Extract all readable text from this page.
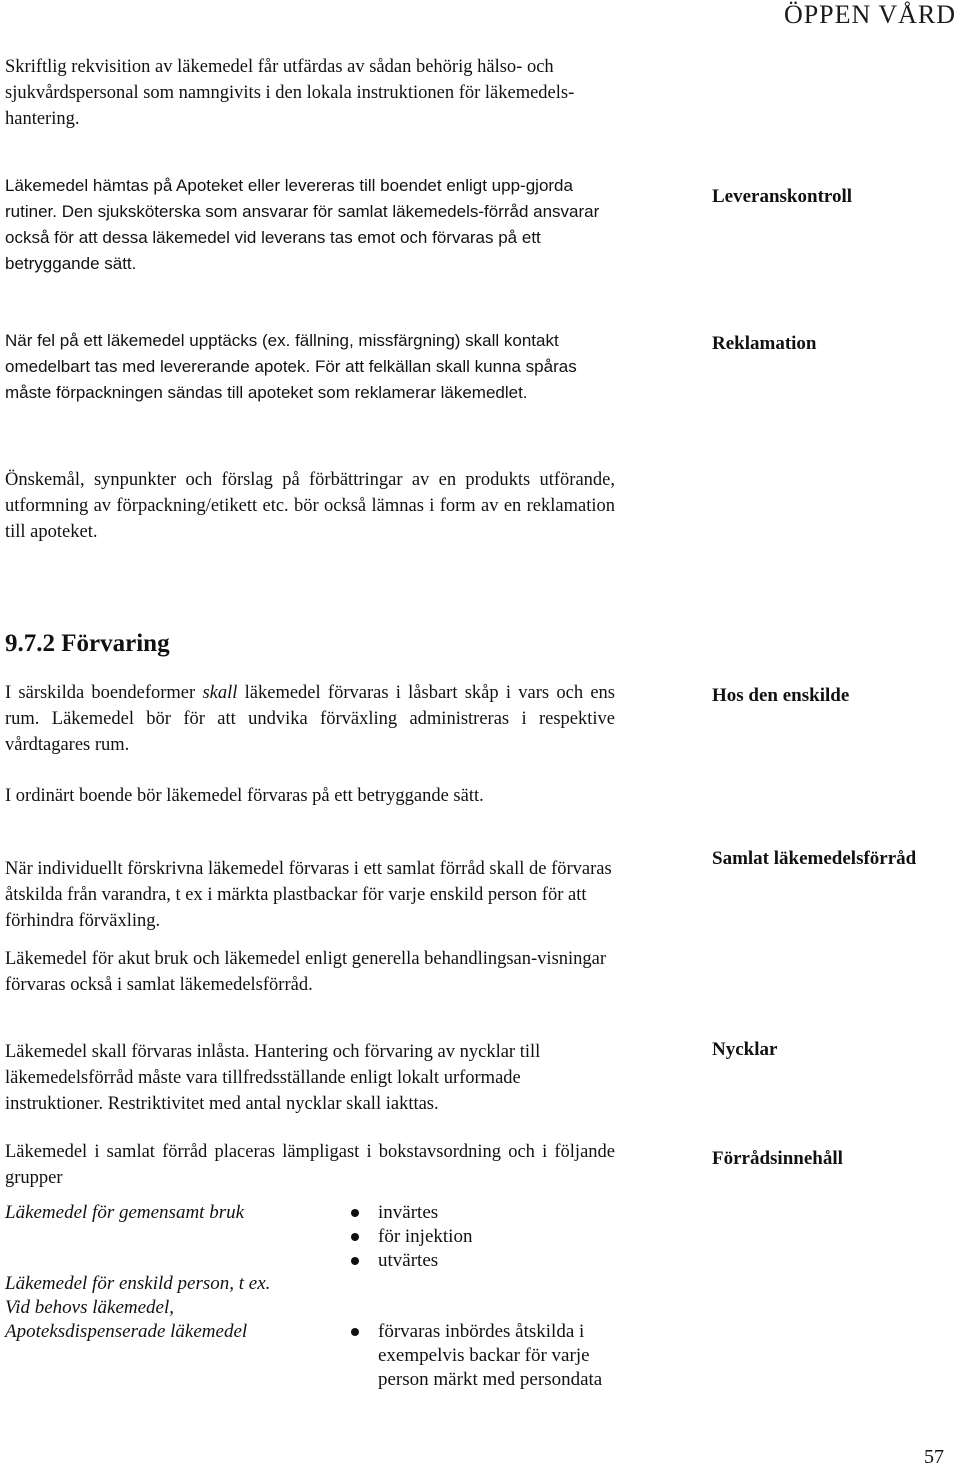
ÖPPEN VÅRD

Skriftlig rekvisition av läkemedel får utfärdas av sådan behörig hälso- och sjukvårdspersonal som namngivits i den lokala instruktionen för läkemedels-hantering.

Läkemedel hämtas på Apoteket eller levereras till boendet enligt upp-gjorda rutiner. Den sjuksköterska som ansvarar för samlat läkemedels-förråd ansvarar också för att dessa läkemedel vid leverans tas emot och förvaras på ett betryggande sätt.

Leveranskontroll

När fel på ett läkemedel upptäcks (ex. fällning, missfärgning) skall kontakt omedelbart tas med levererande apotek. För att felkällan skall kunna spåras måste förpackningen sändas till apoteket som reklamerar läkemedlet.

Reklamation

Önskemål, synpunkter och förslag på förbättringar av en produkts utförande, utformning av förpackning/etikett etc. bör också lämnas i form av en reklamation till apoteket.

9.7.2 Förvaring

I särskilda boendeformer skall läkemedel förvaras i låsbart skåp i vars och ens rum. Läkemedel bör för att undvika förväxling administreras i respektive vårdtagares rum.

Hos den enskilde

I ordinärt boende bör läkemedel förvaras på ett betryggande sätt.

När individuellt förskrivna läkemedel förvaras i ett samlat förråd skall de förvaras åtskilda från varandra, t ex i märkta plastbackar för varje enskild person för att förhindra förväxling.

Samlat läkemedelsförråd

Läkemedel för akut bruk och läkemedel enligt generella behandlingsan-visningar förvaras också i samlat läkemedelsförråd.

Läkemedel skall förvaras inlåsta. Hantering och förvaring av nycklar till läkemedelsförråd måste vara tillfredsställande enligt lokalt urformade instruktioner. Restriktivitet med antal nycklar skall iakttas.

Nycklar

Läkemedel i samlat förråd placeras lämpligast i bokstavsordning och i följande grupper

Förrådsinnehåll

Läkemedel för gemensamt bruk	invärtes
för injektion
utvärtes

Läkemedel för enskild person, t ex.
Vid behovs läkemedel,
Apoteksdispenserade läkemedel	förvaras inbördes åtskilda i exempelvis backar för varje person märkt med persondata
57
